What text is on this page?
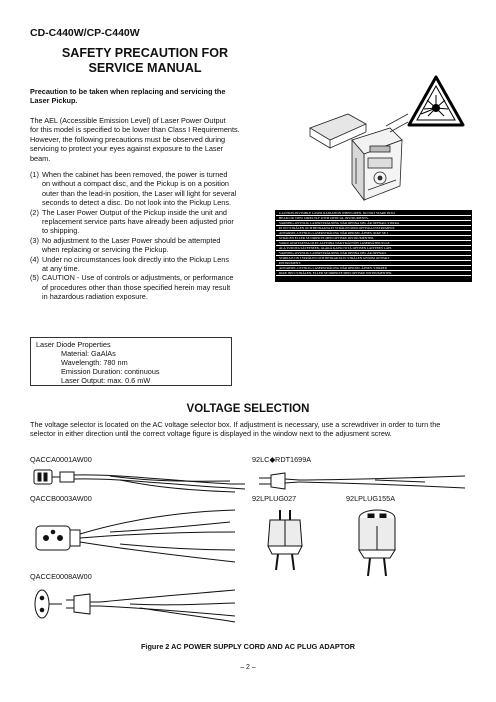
CD-C440W/CP-C440W
SAFETY PRECAUTION FOR
SERVICE MANUAL
Precaution to be taken when replacing and servicing the
Laser Pickup.
The AEL (Accessible Emission Level) of Laser Power Output
for this model is specified to be lower than Class I Requirements.
However, the following precautions must be observed during
servicing to protect your eyes against exposure to the Laser
beam.
(1) When the cabinet has been removed, the power is turned
on without a compact disc, and the Pickup is on a position
outer than the lead-in position, the Laser will light for several
seconds to detect a disc. Do not look into the Pickup Lens.
(2) The Laser Power Output of the Pickup inside the unit and
replacement service parts have already been adjusted prior
to shipping.
(3) No adjustment to the Laser Power should be attempted
when replacing or servicing the Pickup.
(4) Under no circumstances look directly into the Pickup Lens
at any time.
(5) CAUTION - Use of controls or adjustments, or performance
of procedures other than those specified herein may result
in hazardous radiation exposure.
CAUTION-INVISIBLE LASER RADIATION WHEN OPEN. DO NOT STARE INTO
BEAM OR VIEW DIRECTLY WITH OPTICAL INSTRUMENTS.
VARNING-OSYNLIG LASERSTRÅLNING NÄR DENNA DEL ÄR ÖPPNAD. STIRRA
EJ IN I STRÅLEN OCH BETRAKTA EJ STRÅLEN MED OPTISKA INSTRUMENT.
ADVARSEL-USYNLIG LASERSTRÅLING NÅR DEKSEL ÅPNES. IKKE SE I
STRÅLEN ELLER SE DIREKTE MED OPTISKE INSTRUMENTER.
VARO! AVATTAESSA OLET ALTTIINA NÄKYMÄTTÖN LASERSÄTEILYLLE.
ÄLÄ TUIJOTA SÄTEESEEN, ÄLÄKÄ KATSO SITÄ OPTISEN LAITTEEN LÄPI.
VARNING-OSYNLIG LASERSTRÅLNING NÄR DENNA DEL ÄR ÖPPNAD.
STIRRA EJ IN I STRÅLEN OCH BETRAKTA EJ STRÅLEN GENOM OPTISKT
INSTRUMENT.
ADVARSEL-USYNLIG LASERSTRÅLING NÅR DEKSEL ÅPNES. STIRRER
IKKE INN I STRÅLEN, ELLER SE DIREKTE MED OPTISKE INSTRUMENTER.
Laser Diode Properties
Material: GaAlAs
Wavelength: 780 nm
Emission Duration: continuous
Laser Output: max. 0.6 mW
VOLTAGE SELECTION
The voltage selector is located on the AC voltage selector box. If adjustment is necessary, use a screwdriver in order to turn the
selector in either direction until the correct voltage figure is displayed in the window next to the adjusment screw.
QACCA0001AW00	92LC◆RDT1699A
QACCB0003AW00	92LPLUG027	92LPLUG155A
QACCE0008AW00
Figure 2 AC POWER SUPPLY CORD AND AC PLUG ADAPTOR
– 2 –
